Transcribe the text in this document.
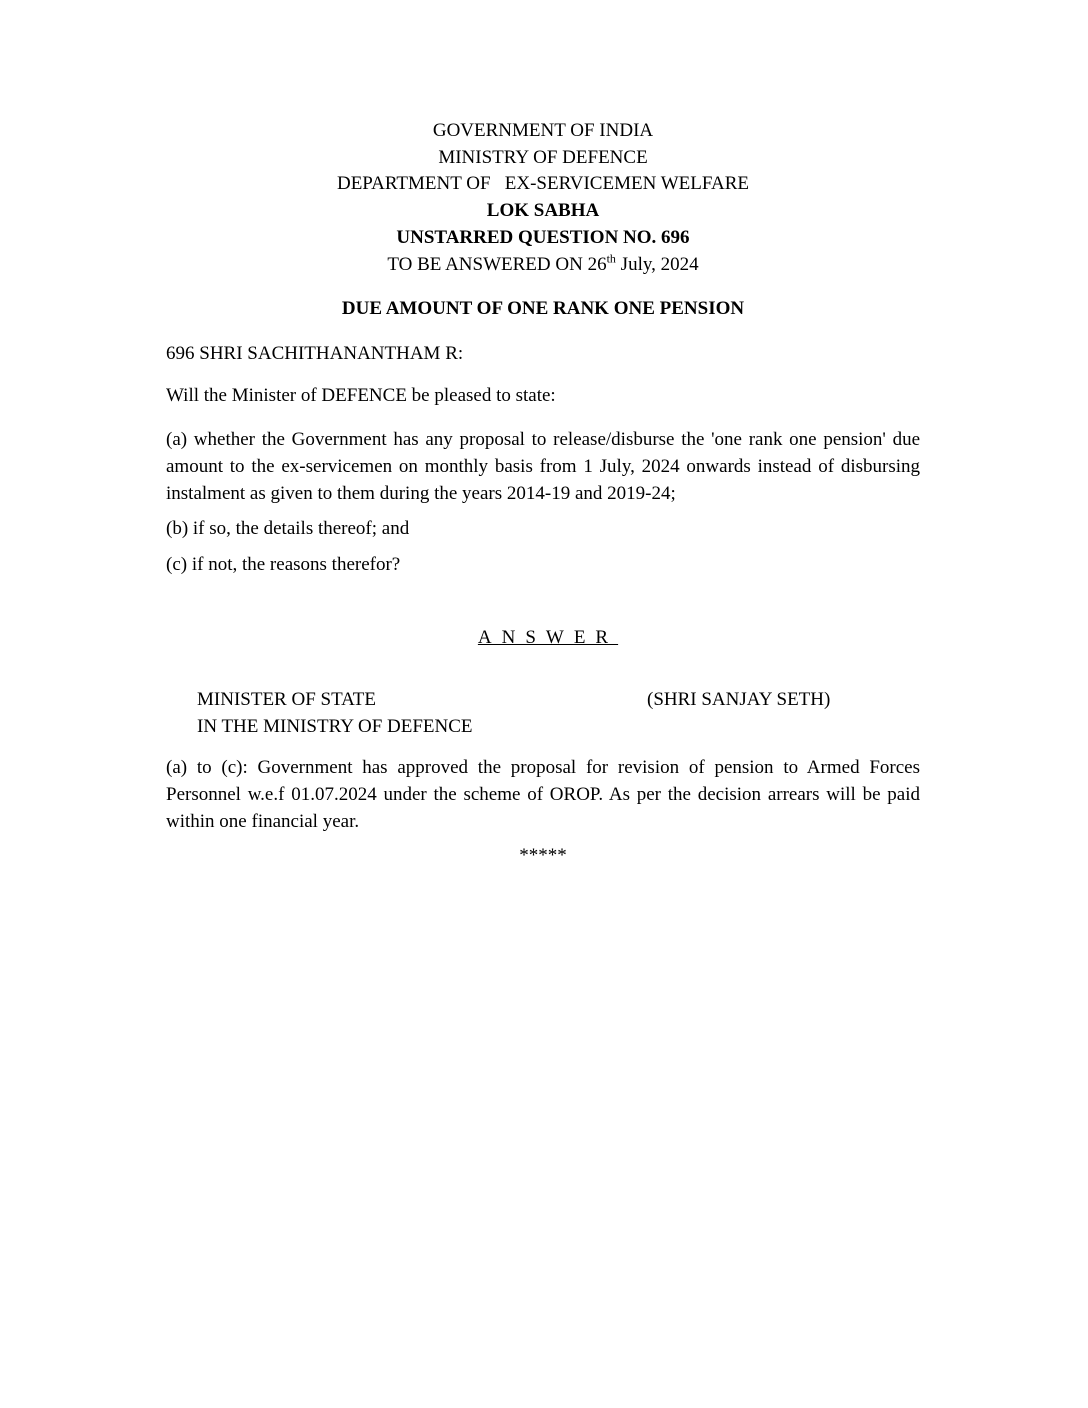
GOVERNMENT OF INDIA
MINISTRY OF DEFENCE
DEPARTMENT OF   EX-SERVICEMEN WELFARE
LOK SABHA
UNSTARRED QUESTION NO. 696
TO BE ANSWERED ON 26th July, 2024
DUE AMOUNT OF ONE RANK ONE PENSION
696 SHRI SACHITHANANTHAM R:
Will the Minister of DEFENCE be pleased to state:
(a) whether the Government has any proposal to release/disburse the 'one rank one pension' due amount to the ex-servicemen on monthly basis from 1 July, 2024 onwards instead of disbursing instalment as given to them during the years 2014-19 and 2019-24;
(b) if so, the details thereof; and
(c) if not, the reasons therefor?
ANSWER
MINISTER OF STATE
IN THE MINISTRY OF DEFENCE
(SHRI SANJAY SETH)
(a) to (c): Government has approved the proposal for revision of pension to Armed Forces Personnel w.e.f 01.07.2024 under the scheme of OROP. As per the decision arrears will be paid within one financial year.
*****
